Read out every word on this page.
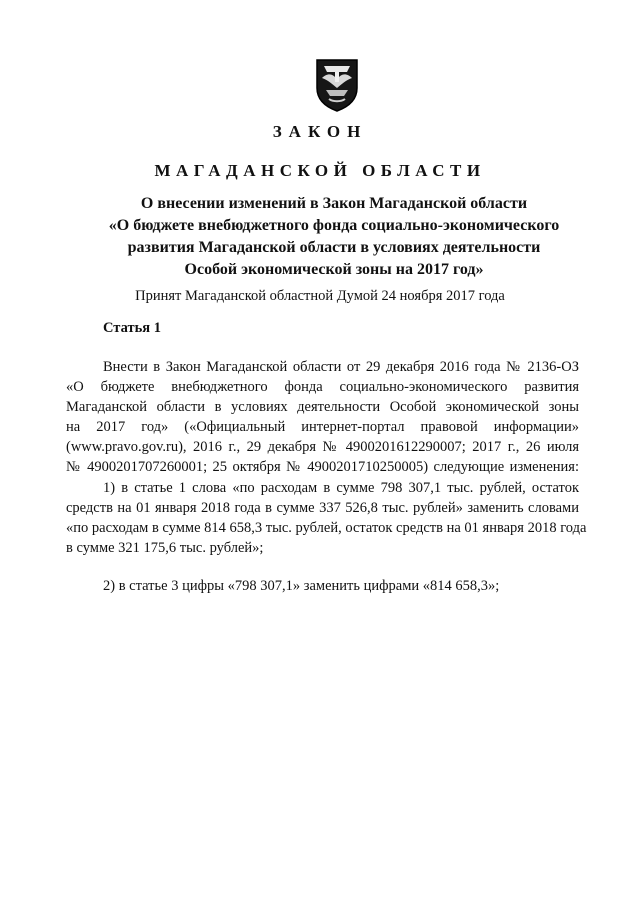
ЗАКОН
МАГАДАНСКОЙ ОБЛАСТИ
О внесении изменений в Закон Магаданской области
«О бюджете внебюджетного фонда социально-экономического
развития Магаданской области в условиях деятельности
Особой экономической зоны на 2017 год»
Принят Магаданской областной Думой 24 ноября 2017 года
Статья 1
Внести в Закон Магаданской области от 29 декабря 2016 года № 2136-ОЗ
«О бюджете внебюджетного фонда социально-экономического развития
Магаданской области в условиях деятельности Особой экономической зоны
на 2017 год» («Официальный интернет-портал правовой информации»
(www.pravo.gov.ru), 2016 г., 29 декабря № 4900201612290007; 2017 г., 26 июля
№ 4900201707260001; 25 октября № 4900201710250005) следующие изменения:
1) в статье 1 слова «по расходам в сумме 798 307,1 тыс. рублей, остаток
средств на 01 января 2018 года в сумме 337 526,8 тыс. рублей» заменить словами
«по расходам в сумме 814 658,3 тыс. рублей, остаток средств на 01 января 2018 года
в сумме 321 175,6 тыс. рублей»;
2) в статье 3 цифры «798 307,1» заменить цифрами «814 658,3»;
